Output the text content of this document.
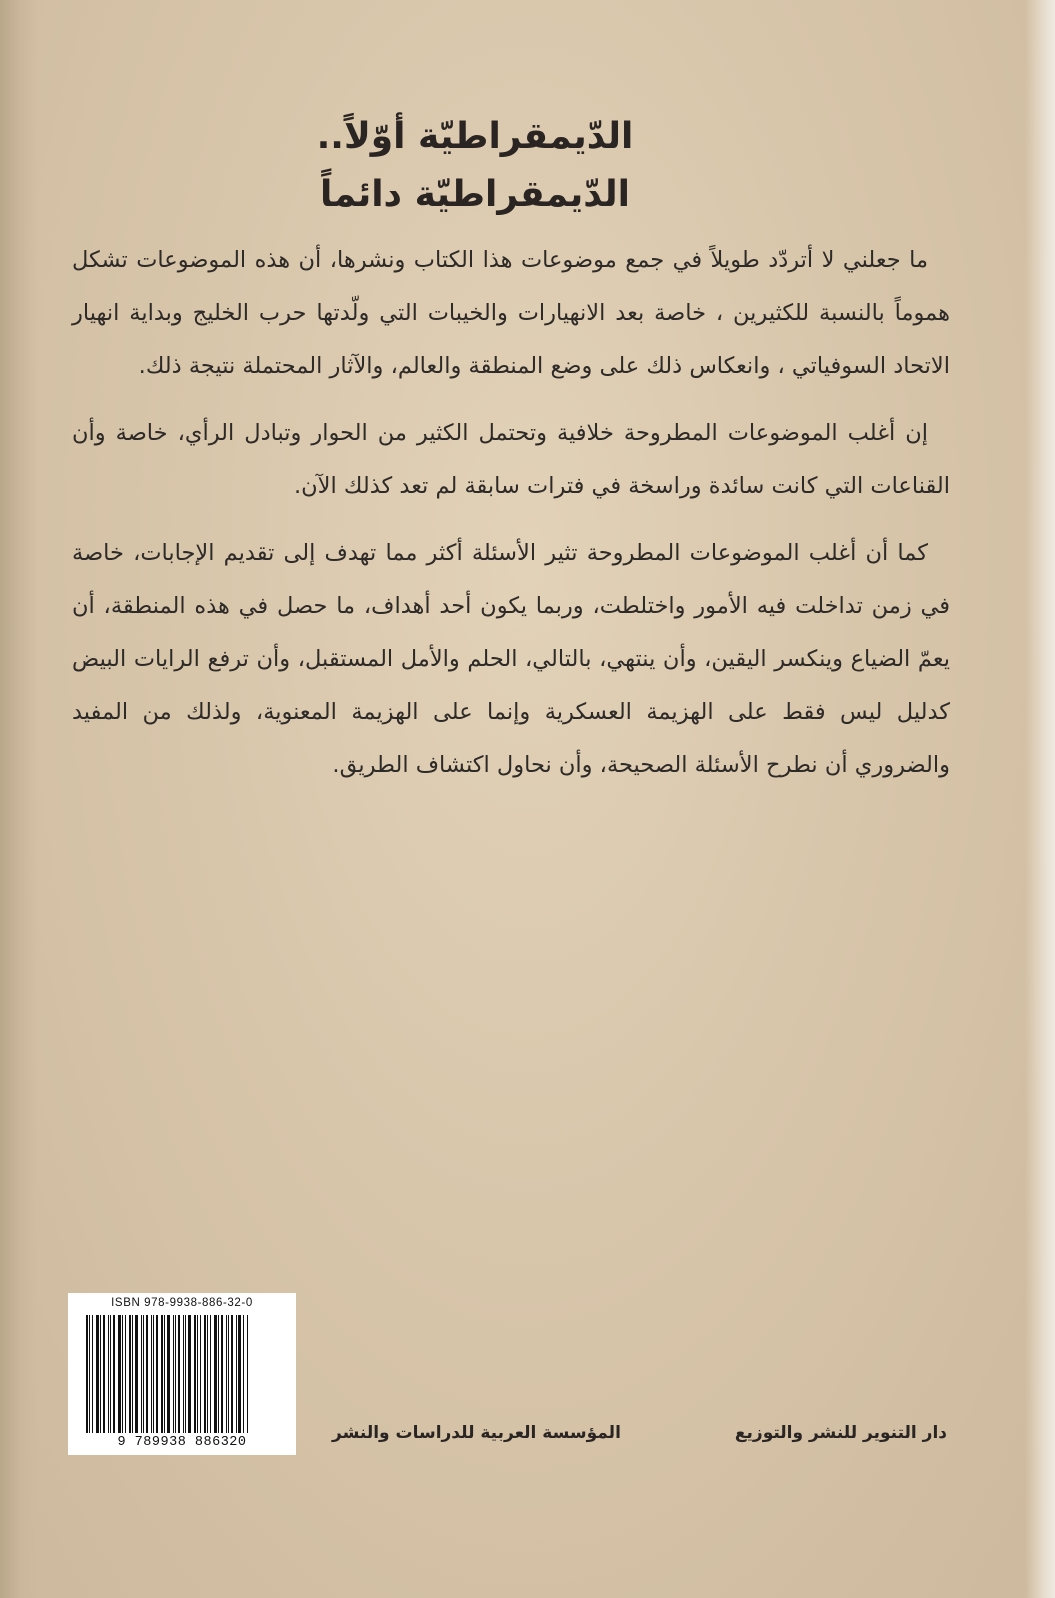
الدّيمقراطيّة أوّلاً..
الدّيمقراطيّة دائماً

ما جعلني لا أتردّد طويلاً في جمع موضوعات هذا الكتاب ونشرها، أن هذه الموضوعات تشكل هموماً بالنسبة للكثيرين ، خاصة بعد الانهيارات والخيبات التي ولّدتها حرب الخليج وبداية انهيار الاتحاد السوفياتي ، وانعكاس ذلك على وضع المنطقة والعالم، والآثار المحتملة نتيجة ذلك.

إن أغلب الموضوعات المطروحة خلافية وتحتمل الكثير من الحوار وتبادل الرأي، خاصة وأن القناعات التي كانت سائدة وراسخة في فترات سابقة لم تعد كذلك الآن.

كما أن أغلب الموضوعات المطروحة تثير الأسئلة أكثر مما تهدف إلى تقديم الإجابات، خاصة في زمن تداخلت فيه الأمور واختلطت، وربما يكون أحد أهداف، ما حصل في هذه المنطقة، أن يعمّ الضياع وينكسر اليقين، وأن ينتهي، بالتالي، الحلم والأمل المستقبل، وأن ترفع الرايات البيض كدليل ليس فقط على الهزيمة العسكرية وإنما على الهزيمة المعنوية، ولذلك من المفيد والضروري أن نطرح الأسئلة الصحيحة، وأن نحاول اكتشاف الطريق.

ISBN 978-9938-886-32-0
9 789938 886320	المؤسسة العربية للدراسات والنشر	دار التنوير للنشر والتوزيع
